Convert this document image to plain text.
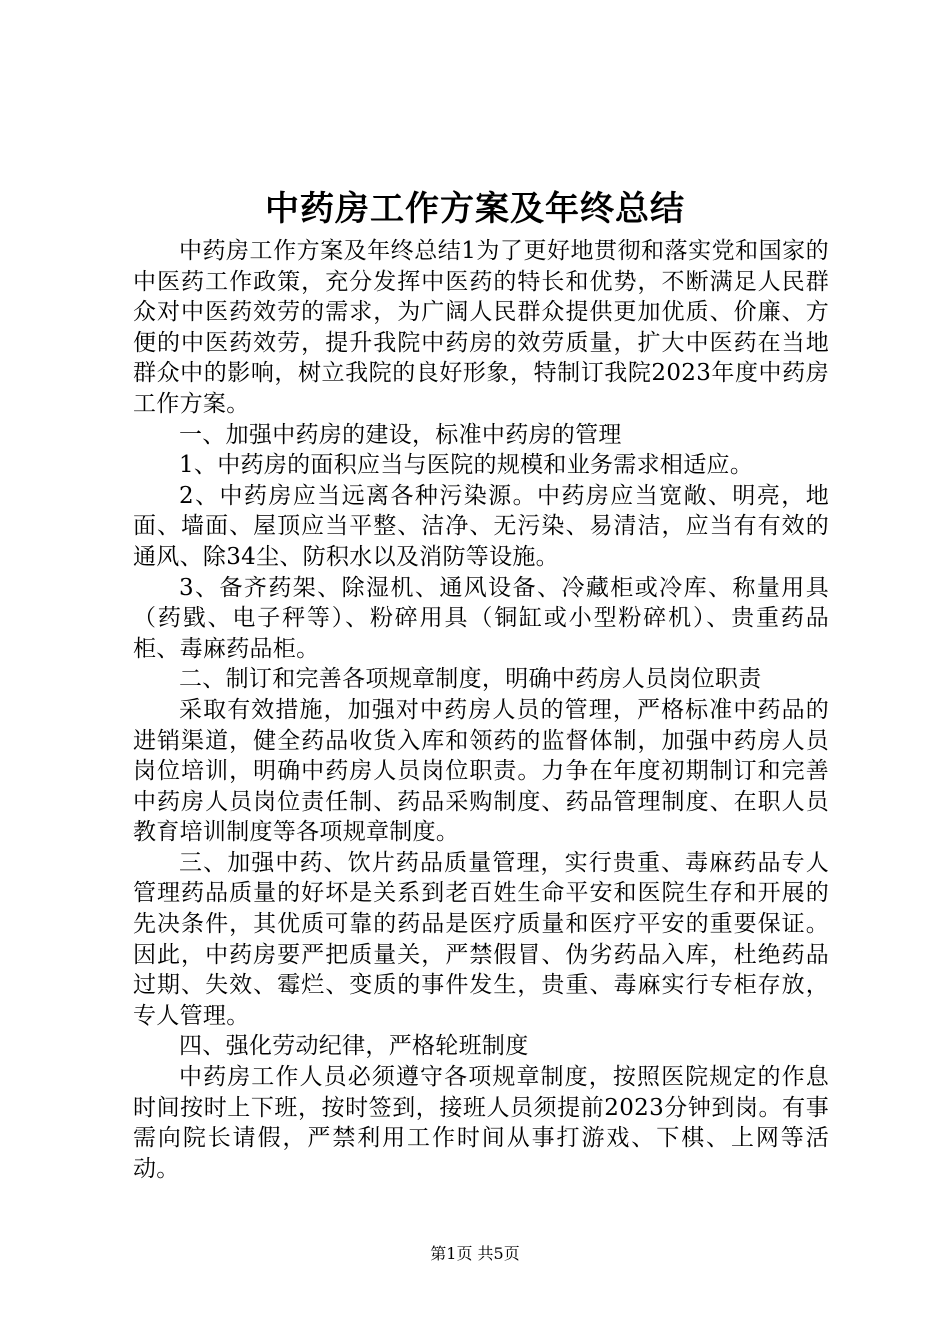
中药房工作方案及年终总结

中药房工作方案及年终总结1为了更好地贯彻和落实党和国家的中医药工作政策，充分发挥中医药的特长和优势，不断满足人民群众对中医药效劳的需求，为广阔人民群众提供更加优质、价廉、方便的中医药效劳，提升我院中药房的效劳质量，扩大中医药在当地群众中的影响，树立我院的良好形象，特制订我院2023年度中药房工作方案。

一、加强中药房的建设，标准中药房的管理

1、中药房的面积应当与医院的规模和业务需求相适应。

2、中药房应当远离各种污染源。中药房应当宽敞、明亮，地面、墙面、屋顶应当平整、洁净、无污染、易清洁，应当有有效的通风、除34尘、防积水以及消防等设施。

3、备齐药架、除湿机、通风设备、冷藏柜或冷库、称量用具（药戥、电子秤等）、粉碎用具（铜缸或小型粉碎机）、贵重药品柜、毒麻药品柜。

二、制订和完善各项规章制度，明确中药房人员岗位职责

采取有效措施，加强对中药房人员的管理，严格标准中药品的进销渠道，健全药品收货入库和领药的监督体制，加强中药房人员岗位培训，明确中药房人员岗位职责。力争在年度初期制订和完善中药房人员岗位责任制、药品采购制度、药品管理制度、在职人员教育培训制度等各项规章制度。

三、加强中药、饮片药品质量管理，实行贵重、毒麻药品专人管理药品质量的好坏是关系到老百姓生命平安和医院生存和开展的先决条件，其优质可靠的药品是医疗质量和医疗平安的重要保证。因此，中药房要严把质量关，严禁假冒、伪劣药品入库，杜绝药品过期、失效、霉烂、变质的事件发生，贵重、毒麻实行专柜存放，专人管理。

四、强化劳动纪律，严格轮班制度

中药房工作人员必须遵守各项规章制度，按照医院规定的作息时间按时上下班，按时签到，接班人员须提前2023分钟到岗。有事需向院长请假，严禁利用工作时间从事打游戏、下棋、上网等活动。

第1页 共5页
